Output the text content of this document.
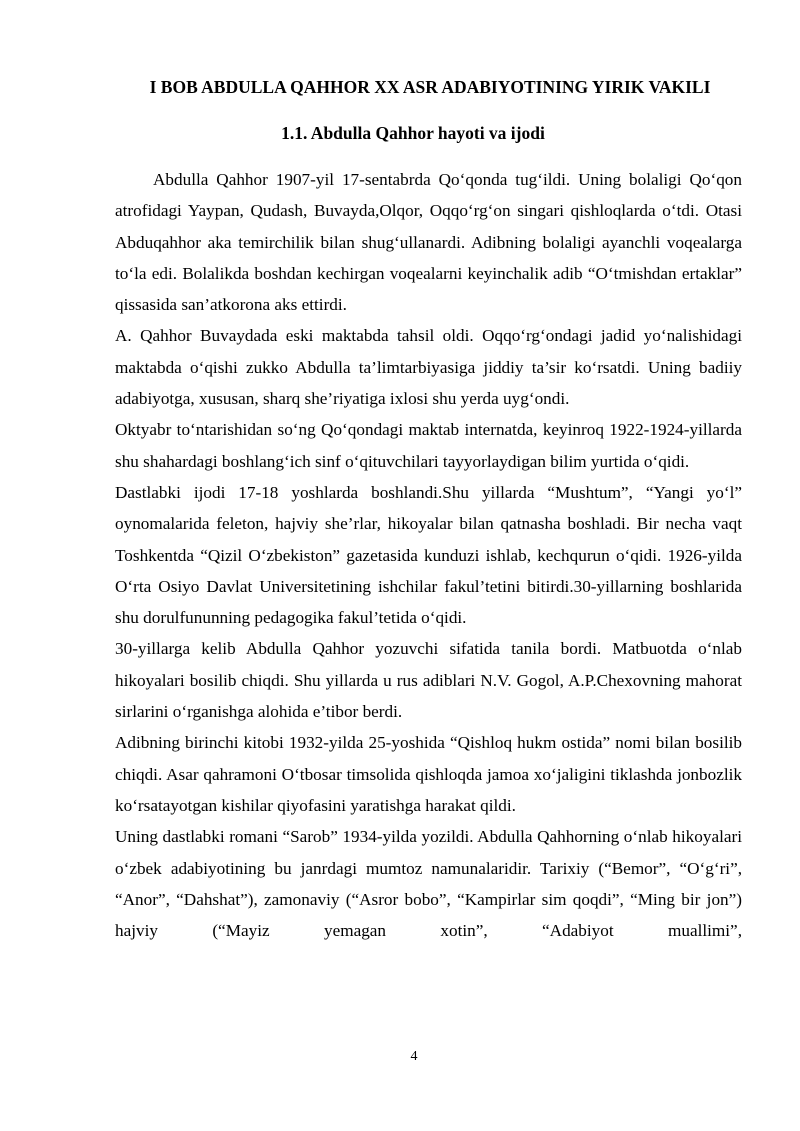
I BOB ABDULLA QAHHOR XX ASR ADABIYOTINING YIRIK VAKILI
1.1. Abdulla Qahhor hayoti va ijodi

Abdulla Qahhor 1907-yil 17-sentabrda Qo‘qonda tug‘ildi. Uning bolaligi Qo‘qon atrofidagi Yaypan, Qudash, Buvayda,Olqor, Oqqo‘rg‘on singari qishloqlarda o‘tdi. Otasi Abduqahhor aka temirchilik bilan shug‘ullanardi. Adibning bolaligi ayanchli voqealarga to‘la edi. Bolalikda boshdan kechirgan voqealarni keyinchalik adib “O‘tmishdan ertaklar” qissasida san’atkorona aks ettirdi.

A. Qahhor Buvaydada eski maktabda tahsil oldi. Oqqo‘rg‘ondagi jadid yo‘nalishidagi maktabda o‘qishi zukko Abdulla ta’limtarbiyasiga jiddiy ta’sir ko‘rsatdi. Uning badiiy adabiyotga, xususan, sharq she’riyatiga ixlosi shu yerda uyg‘ondi.

Oktyabr to‘ntarishidan so‘ng Qo‘qondagi maktab internatda, keyinroq 1922-1924-yillarda shu shahardagi boshlang‘ich sinf o‘qituvchilari tayyorlaydigan bilim yurtida o‘qidi.

Dastlabki ijodi 17-18 yoshlarda boshlandi.Shu yillarda “Mushtum”, “Yangi yo‘l” oynomalarida feleton, hajviy she’rlar, hikoyalar bilan qatnasha boshladi. Bir necha vaqt Toshkentda “Qizil O‘zbekiston” gazetasida kunduzi ishlab, kechqurun o‘qidi. 1926-yilda O‘rta Osiyo Davlat Universitetining ishchilar fakul’tetini bitirdi.30-yillarning boshlarida shu dorulfununning pedagogika fakul’tetida o‘qidi.

30-yillarga kelib Abdulla Qahhor yozuvchi sifatida tanila bordi. Matbuotda o‘nlab hikoyalari bosilib chiqdi. Shu yillarda u rus adiblari N.V. Gogol, A.P.Chexovning mahorat sirlarini o‘rganishga alohida e’tibor berdi.

Adibning birinchi kitobi 1932-yilda 25-yoshida “Qishloq hukm ostida” nomi bilan bosilib chiqdi. Asar qahramoni O‘tbosar timsolida qishloqda jamoa xo‘jaligini tiklashda jonbozlik ko‘rsatayotgan kishilar qiyofasini yaratishga harakat qildi.

Uning dastlabki romani “Sarob” 1934-yilda yozildi. Abdulla Qahhorning o‘nlab hikoyalari o‘zbek adabiyotining bu janrdagi mumtoz namunalaridir. Tarixiy (“Bemor”, “O‘g‘ri”, “Anor”, “Dahshat”), zamonaviy (“Asror bobo”, “Kampirlar sim qoqdi”, “Ming bir jon”) hajviy (“Mayiz yemagan xotin”, “Adabiyot muallimi”,

4
